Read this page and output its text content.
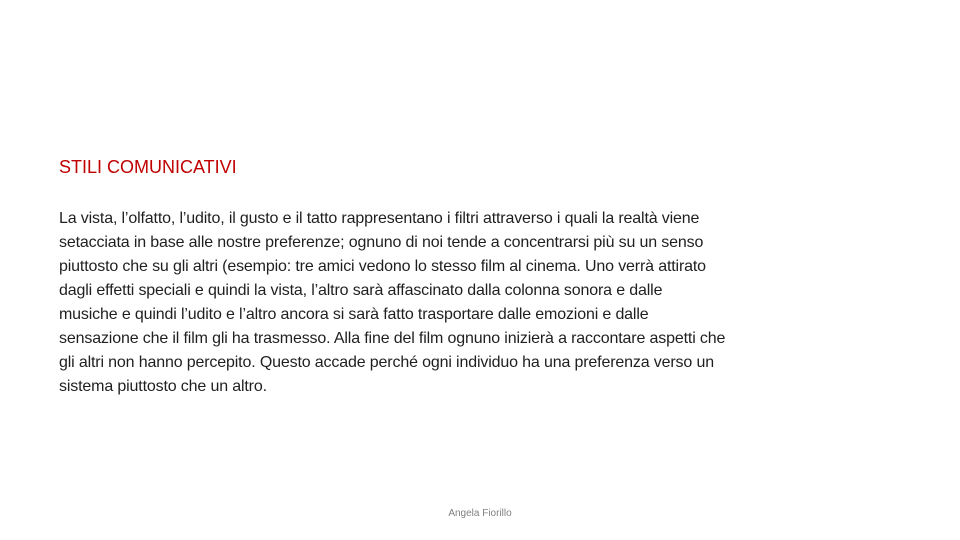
STILI COMUNICATIVI
La vista, l’olfatto, l’udito, il gusto e il tatto rappresentano i filtri attraverso i quali la realtà viene
setacciata in base alle nostre preferenze; ognuno di noi tende a concentrarsi più su un senso
piuttosto che su gli altri (esempio: tre amici vedono lo stesso film al cinema. Uno verrà attirato
dagli effetti speciali e quindi la vista, l’altro sarà affascinato dalla colonna sonora e dalle
musiche e quindi l’udito e l’altro ancora si sarà fatto trasportare dalle emozioni e dalle
sensazione che il film gli ha trasmesso. Alla fine del film ognuno inizierà a raccontare aspetti che
gli altri non hanno percepito. Questo accade perché ogni individuo ha una preferenza verso un
sistema piuttosto che un altro.
Angela Fiorillo
